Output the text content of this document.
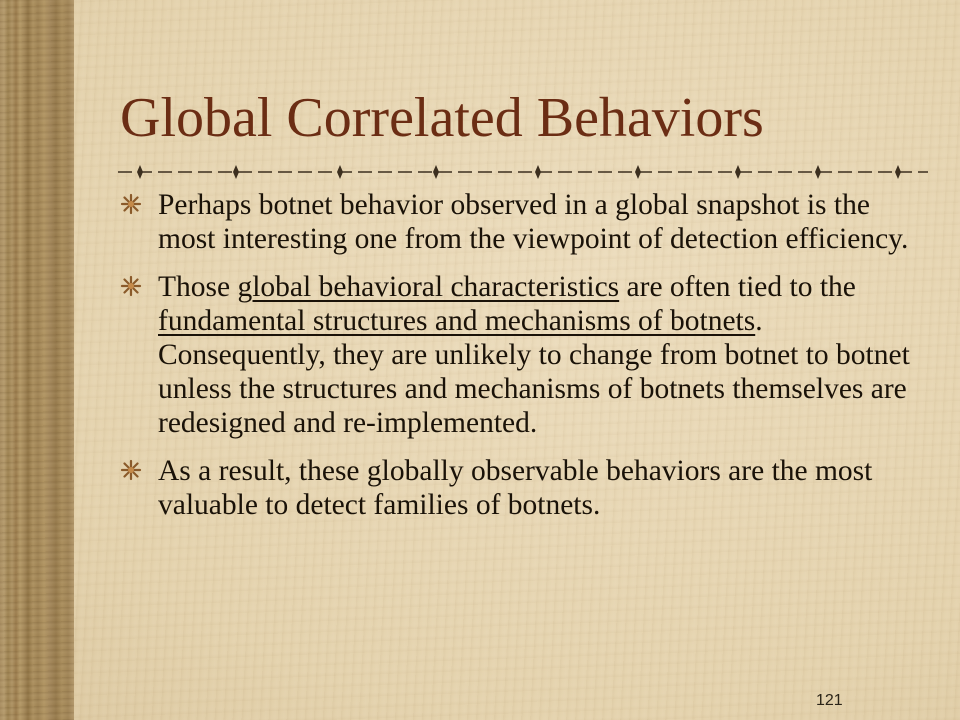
Global Correlated Behaviors
Perhaps botnet behavior observed in a global snapshot is the most interesting one from the viewpoint of detection efficiency.
Those global behavioral characteristics are often tied to the fundamental structures and mechanisms of botnets. Consequently, they are unlikely to change from botnet to botnet unless the structures and mechanisms of botnets themselves are redesigned and re-implemented.
As a result, these globally observable behaviors are the most valuable to detect families of botnets.
121
